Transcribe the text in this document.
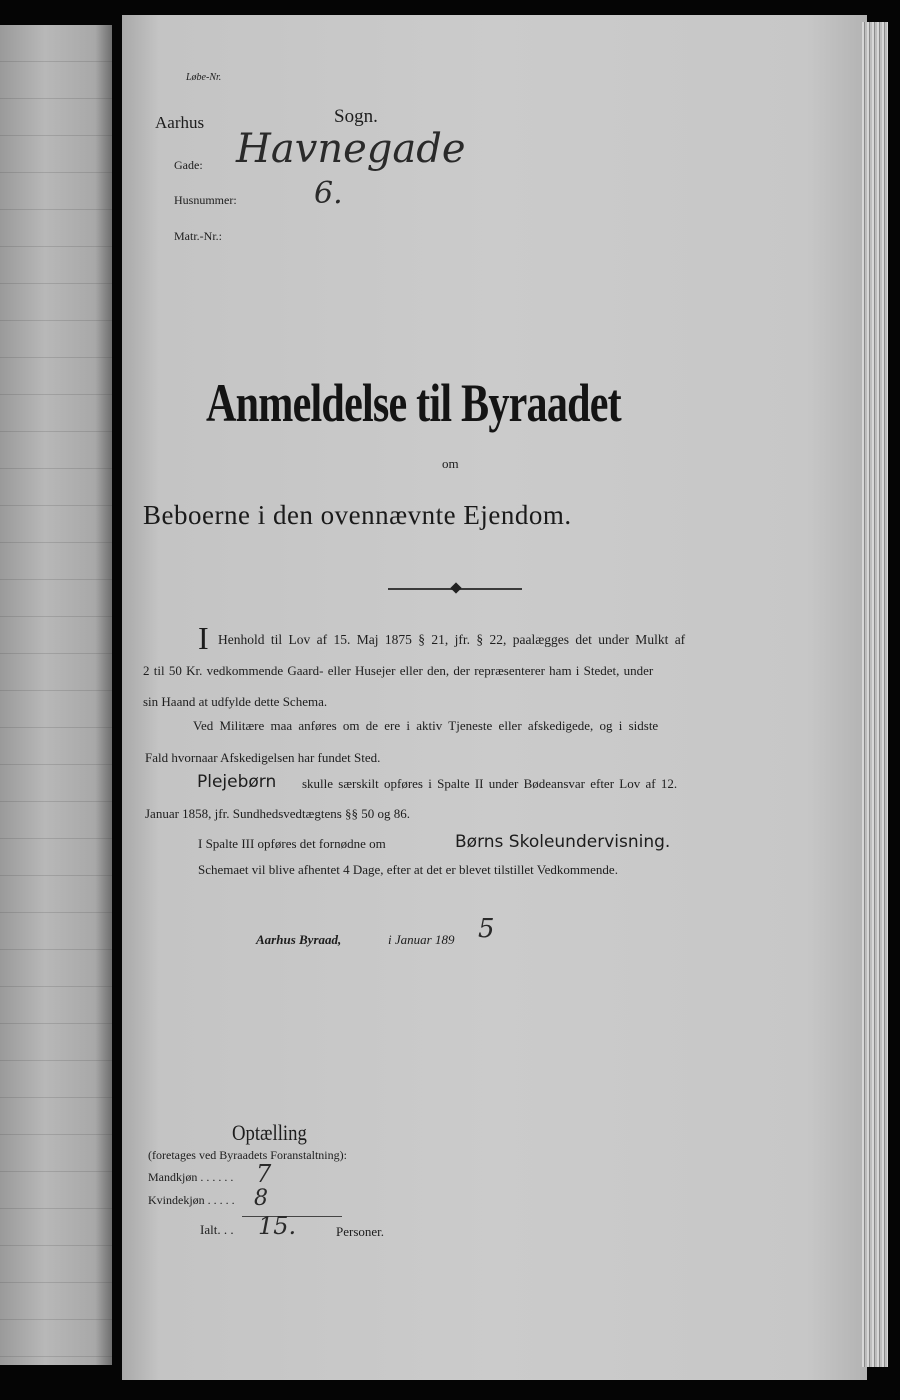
Løbe-Nr.
Aarhus	Sogn.
Gade: Havnegade
Husnummer:	6.
Matr.-Nr.:
Anmeldelse til Byraadet
om
Beboerne i den ovennævnte Ejendom.
I Henhold til Lov af 15. Maj 1875 § 21, jfr. § 22, paalægges det under Mulkt af
2 til 50 Kr. vedkommende Gaard- eller Husejer eller den, der repræsenterer ham i Stedet, under
sin Haand at udfylde dette Schema.
Ved Militære maa anføres om de ere i aktiv Tjeneste eller afskedigede, og i sidste
Fald hvornaar Afskedigelsen har fundet Sted.
Plejebørn skulle særskilt opføres i Spalte II under Bødeansvar efter Lov af 12.
Januar 1858, jfr. Sundhedsvedtægtens §§ 50 og 86.
I Spalte III opføres det fornødne om	Børns Skoleundervisning.
Schemaet vil blive afhentet 4 Dage, efter at det er blevet tilstillet Vedkommende.
Aarhus Byraad,	i Januar 189 5
Optælling
(foretages ved Byraadets Foranstaltning):
Mandkjøn . . . . . . 7
Kvindekjøn . . . . . 8
Ialt. . . 15.	Personer.
